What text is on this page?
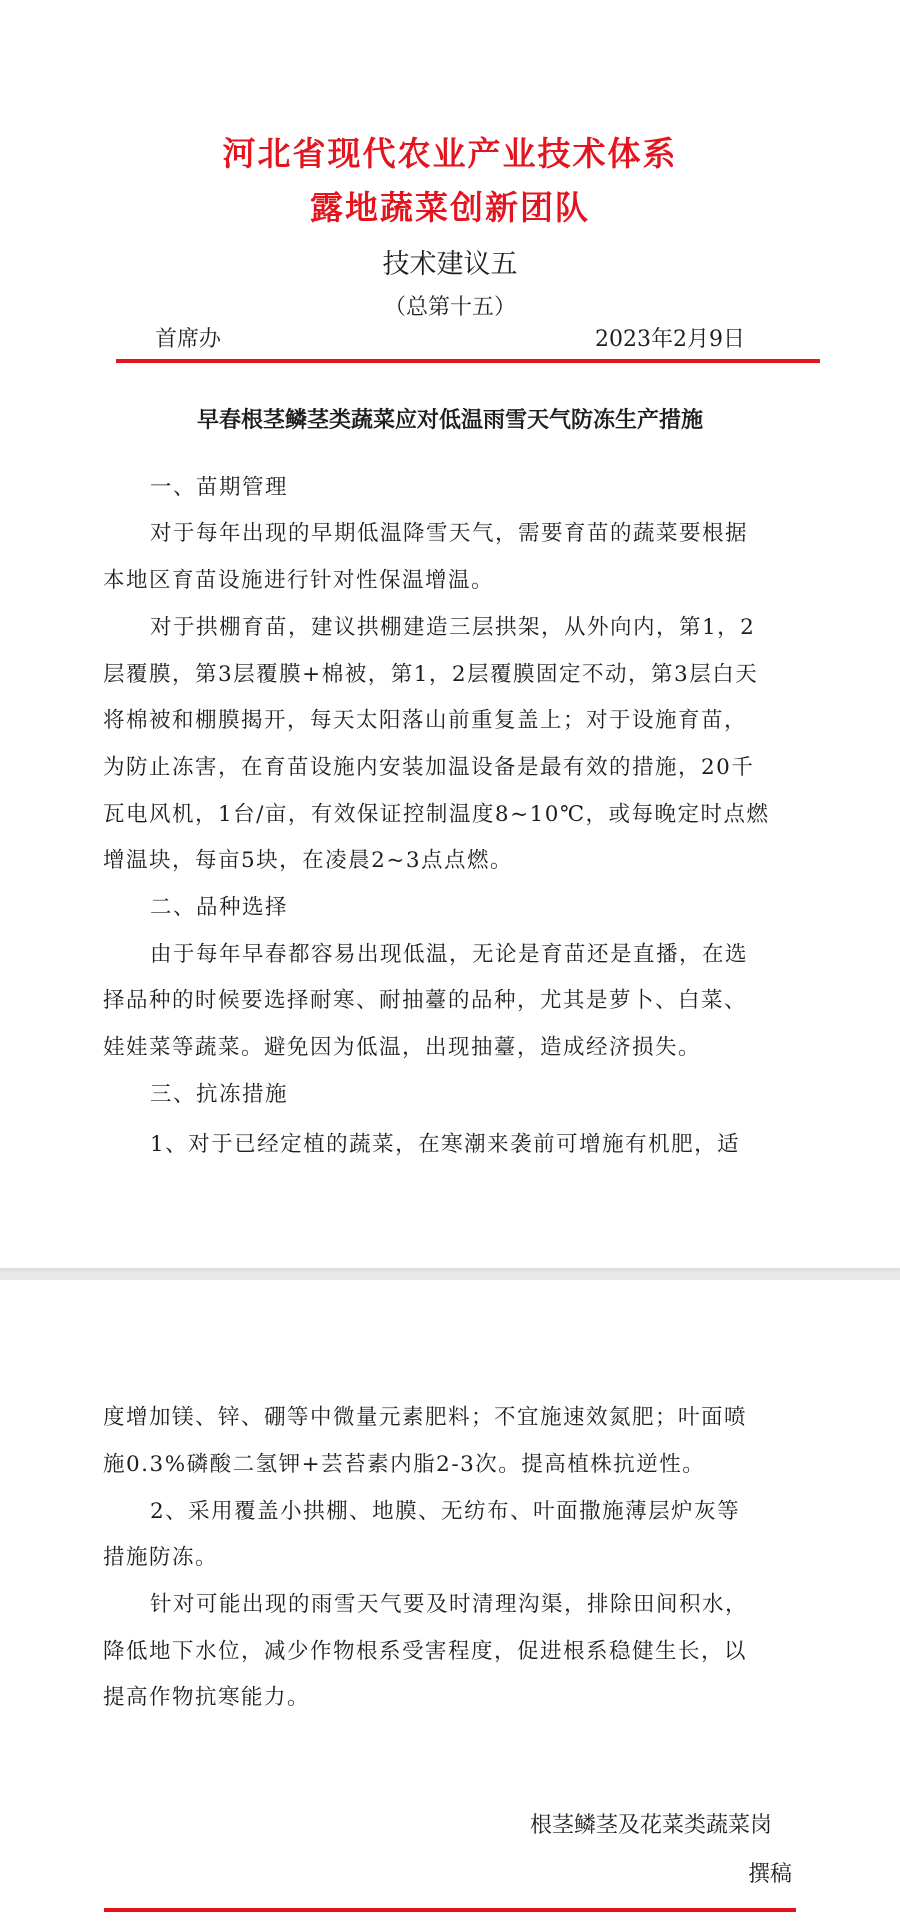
河北省现代农业产业技术体系
露地蔬菜创新团队
技术建议五
（总第十五）
首席办	2023年2月9日
早春根茎鳞茎类蔬菜应对低温雨雪天气防冻生产措施
一、苗期管理
对于每年出现的早期低温降雪天气，需要育苗的蔬菜要根据
本地区育苗设施进行针对性保温增温。
对于拱棚育苗，建议拱棚建造三层拱架，从外向内，第1，2
层覆膜，第3层覆膜+棉被，第1，2层覆膜固定不动，第3层白天
将棉被和棚膜揭开，每天太阳落山前重复盖上；对于设施育苗，
为防止冻害，在育苗设施内安装加温设备是最有效的措施，20千
瓦电风机，1台/亩，有效保证控制温度8~10℃，或每晚定时点燃
增温块，每亩5块，在凌晨2~3点点燃。
二、品种选择
由于每年早春都容易出现低温，无论是育苗还是直播，在选
择品种的时候要选择耐寒、耐抽薹的品种，尤其是萝卜、白菜、
娃娃菜等蔬菜。避免因为低温，出现抽薹，造成经济损失。
三、抗冻措施
1、对于已经定植的蔬菜，在寒潮来袭前可增施有机肥，适
度增加镁、锌、硼等中微量元素肥料；不宜施速效氮肥；叶面喷
施0.3%磷酸二氢钾+芸苔素内脂2-3次。提高植株抗逆性。
2、采用覆盖小拱棚、地膜、无纺布、叶面撒施薄层炉灰等
措施防冻。
针对可能出现的雨雪天气要及时清理沟渠，排除田间积水，
降低地下水位，减少作物根系受害程度，促进根系稳健生长，以
提高作物抗寒能力。
根茎鳞茎及花菜类蔬菜岗
撰稿
